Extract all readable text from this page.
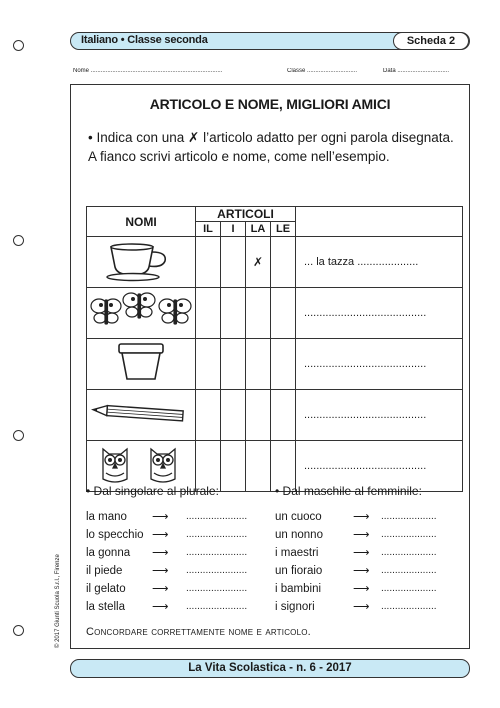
Italiano • Classe seconda	Scheda 2
Nome ...............................................................................	Classe ..............................	Data ...............................
ARTICOLO E NOME, MIGLIORI AMICI
• Indica con una ✗ l’articolo adatto per ogni parola disegnata. A fianco scrivi articolo e nome, come nell’esempio.
NOMI	ARTICOLI				
	IL	I	LA	LE	
			✗		... la tazza ....................
					........................................
					........................................
					........................................
					........................................
• Dal singolare al plurale:	• Dal maschile al femminile:
la mano	⟶	......................
lo specchio ⟶	......................
la gonna	⟶	......................
il piede	⟶	......................
il gelato	⟶	......................
la stella	⟶	......................
un cuoco	⟶	....................
un nonno	⟶	....................
i maestri	⟶	....................
un fioraio	⟶	....................
i bambini	⟶	....................
i signori	⟶	....................
Concordare correttamente nome e articolo.
© 2017 Giunti Scuola S.r.l., Firenze
La Vita Scolastica - n. 6 - 2017
